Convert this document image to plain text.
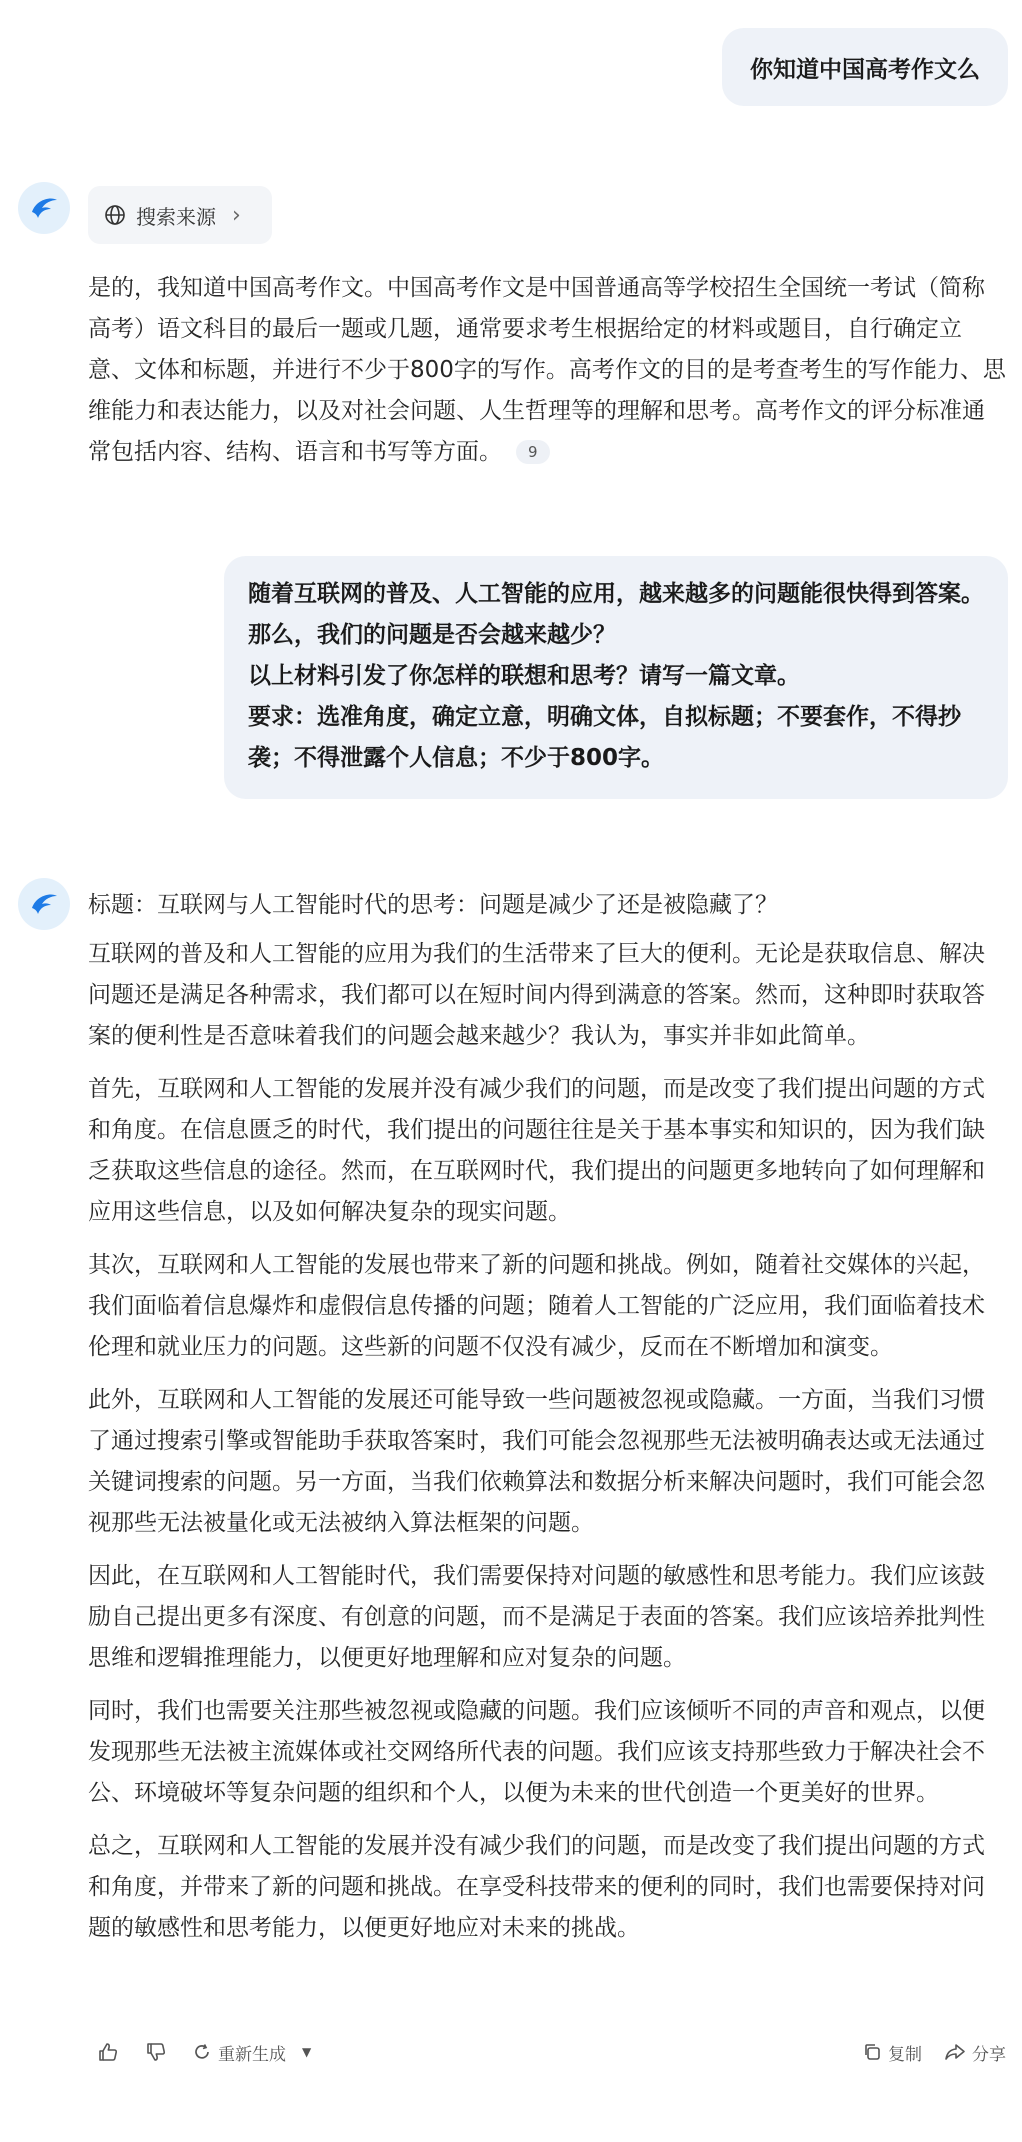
你知道中国高考作文么
搜索来源 ›

是的，我知道中国高考作文。中国高考作文是中国普通高等学校招生全国统一考试（简称高考）语文科目的最后一题或几题，通常要求考生根据给定的材料或题目，自行确定立意、文体和标题，并进行不少于800字的写作。高考作文的目的是考查考生的写作能力、思维能力和表达能力，以及对社会问题、人生哲理等的理解和思考。高考作文的评分标准通常包括内容、结构、语言和书写等方面。 9

随着互联网的普及、人工智能的应用，越来越多的问题能很快得到答案。那么，我们的问题是否会越来越少？

以上材料引发了你怎样的联想和思考？请写一篇文章。

要求：选准角度，确定立意，明确文体，自拟标题；不要套作，不得抄袭；不得泄露个人信息；不少于800字。

标题：互联网与人工智能时代的思考：问题是减少了还是被隐藏了？

互联网的普及和人工智能的应用为我们的生活带来了巨大的便利。无论是获取信息、解决问题还是满足各种需求，我们都可以在短时间内得到满意的答案。然而，这种即时获取答案的便利性是否意味着我们的问题会越来越少？我认为，事实并非如此简单。

首先，互联网和人工智能的发展并没有减少我们的问题，而是改变了我们提出问题的方式和角度。在信息匮乏的时代，我们提出的问题往往是关于基本事实和知识的，因为我们缺乏获取这些信息的途径。然而，在互联网时代，我们提出的问题更多地转向了如何理解和应用这些信息，以及如何解决复杂的现实问题。

其次，互联网和人工智能的发展也带来了新的问题和挑战。例如，随着社交媒体的兴起，我们面临着信息爆炸和虚假信息传播的问题；随着人工智能的广泛应用，我们面临着技术伦理和就业压力的问题。这些新的问题不仅没有减少，反而在不断增加和演变。

此外，互联网和人工智能的发展还可能导致一些问题被忽视或隐藏。一方面，当我们习惯了通过搜索引擎或智能助手获取答案时，我们可能会忽视那些无法被明确表达或无法通过关键词搜索的问题。另一方面，当我们依赖算法和数据分析来解决问题时，我们可能会忽视那些无法被量化或无法被纳入算法框架的问题。

因此，在互联网和人工智能时代，我们需要保持对问题的敏感性和思考能力。我们应该鼓励自己提出更多有深度、有创意的问题，而不是满足于表面的答案。我们应该培养批判性思维和逻辑推理能力，以便更好地理解和应对复杂的问题。

同时，我们也需要关注那些被忽视或隐藏的问题。我们应该倾听不同的声音和观点，以便发现那些无法被主流媒体或社交网络所代表的问题。我们应该支持那些致力于解决社会不公、环境破坏等复杂问题的组织和个人，以便为未来的世代创造一个更美好的世界。

总之，互联网和人工智能的发展并没有减少我们的问题，而是改变了我们提出问题的方式和角度，并带来了新的问题和挑战。在享受科技带来的便利的同时，我们也需要保持对问题的敏感性和思考能力，以便更好地应对未来的挑战。

重新生成 ▼	复制	分享
